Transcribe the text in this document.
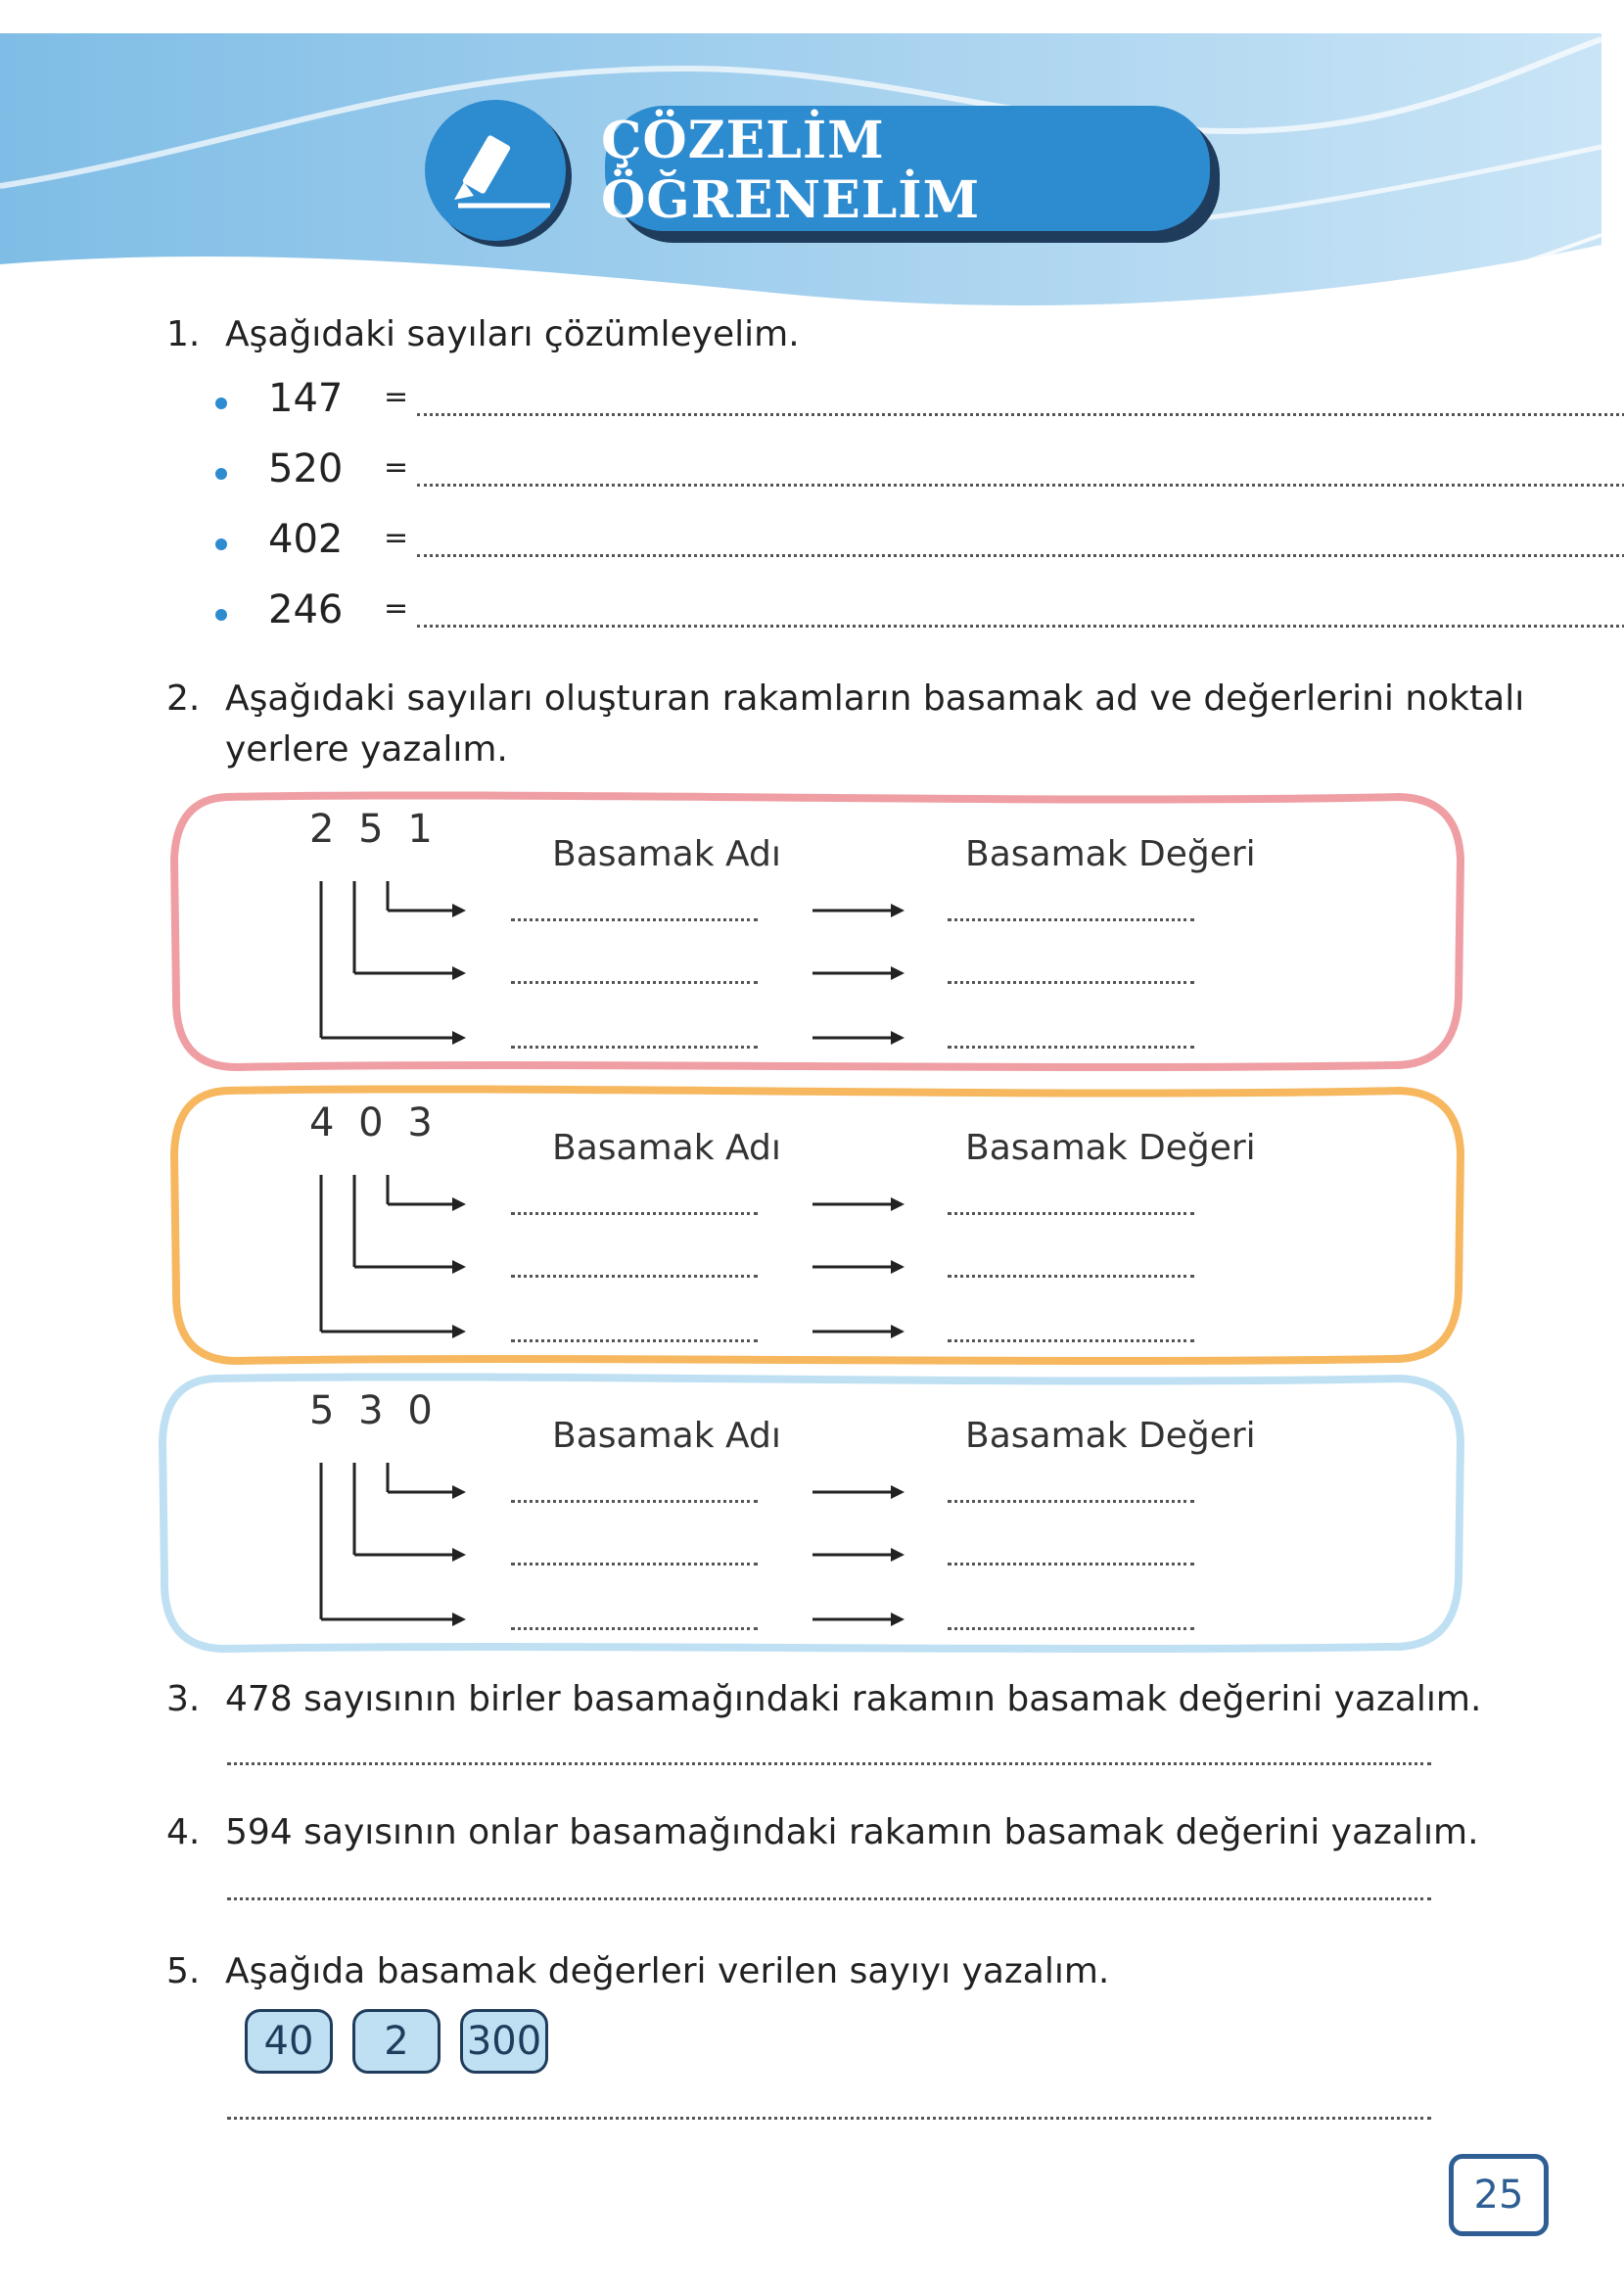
ÇÖZELİM ÖĞRENELİM
1. Aşağıdaki sayıları çözümleyelim.
147 =
520 =
402 =
246 =
2. Aşağıdaki sayıları oluşturan rakamların basamak ad ve değerlerini noktalı
yerlere yazalım.
2 5 1
Basamak Adı	Basamak Değeri
4 0 3
Basamak Adı	Basamak Değeri
5 3 0
Basamak Adı	Basamak Değeri
3. 478 sayısının birler basamağındaki rakamın basamak değerini yazalım.
4. 594 sayısının onlar basamağındaki rakamın basamak değerini yazalım.
5. Aşağıda basamak değerleri verilen sayıyı yazalım.
40	2	300
25
